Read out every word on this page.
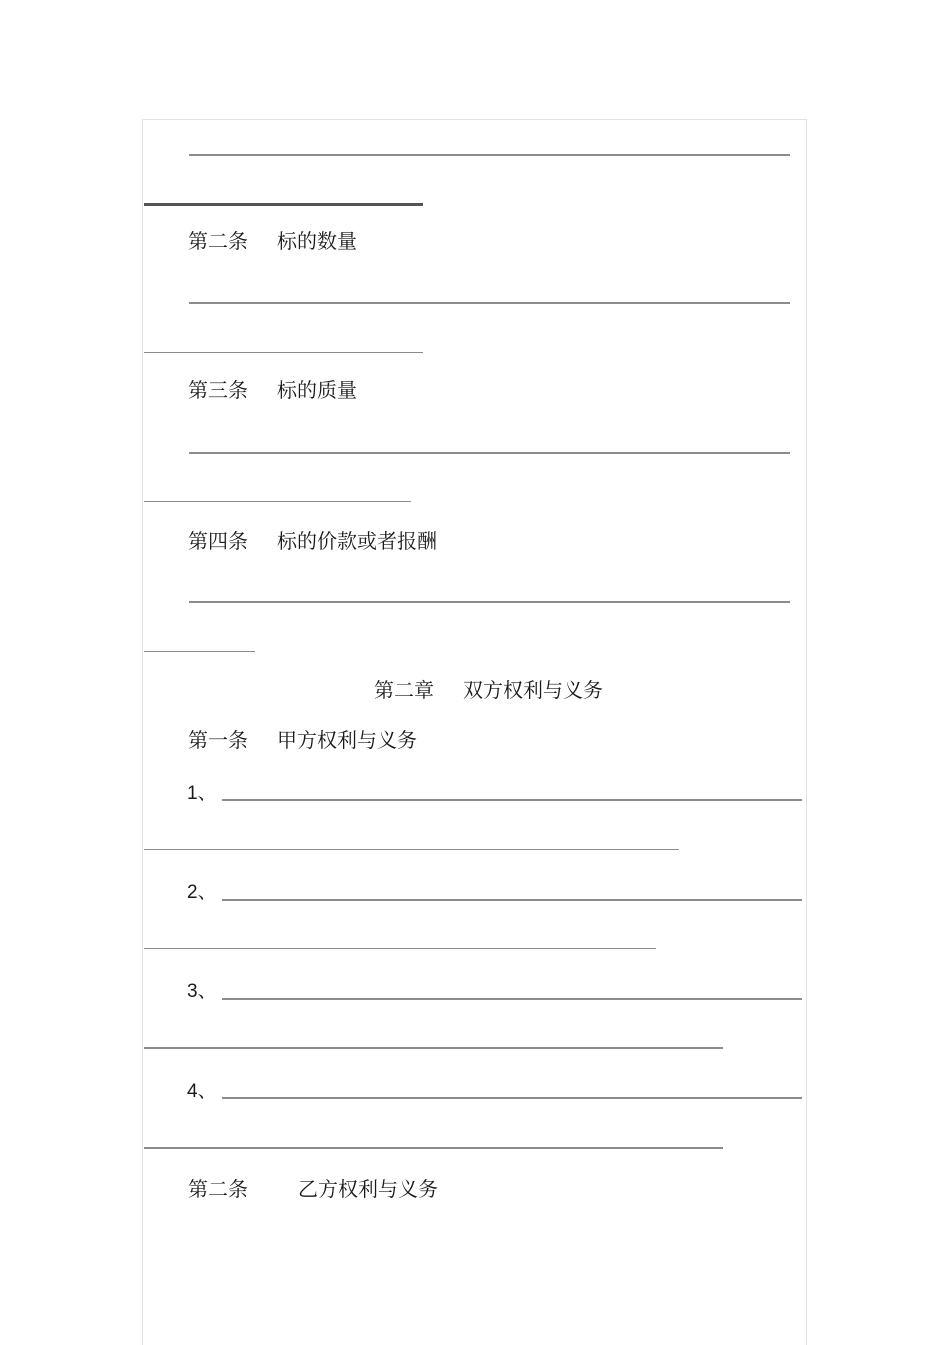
第二条 标的数量
第三条 标的质量
第四条 标的价款或者报酬
第二章 双方权利与义务
第一条 甲方权利与义务
1、
2、
3、
4、
第二条	乙方权利与义务
